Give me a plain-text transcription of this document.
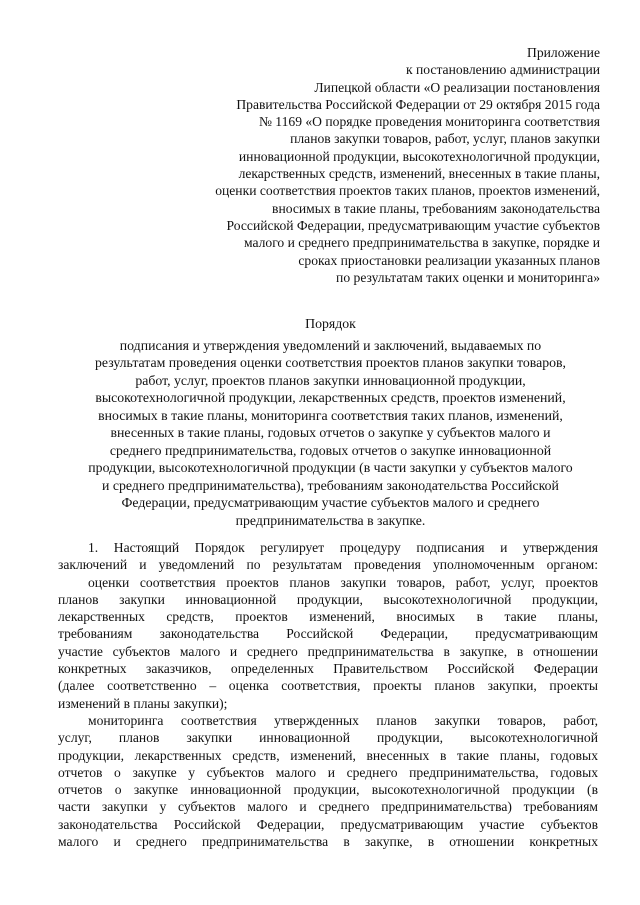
Приложение
к постановлению администрации
Липецкой области «О реализации постановления
Правительства Российской Федерации от 29 октября 2015 года
№ 1169 «О порядке проведения мониторинга соответствия
планов закупки товаров, работ, услуг, планов закупки
инновационной продукции, высокотехнологичной продукции,
лекарственных средств, изменений, внесенных в такие планы,
оценки соответствия проектов таких планов, проектов изменений,
вносимых в такие планы, требованиям законодательства
Российской Федерации, предусматривающим участие субъектов
малого и среднего предпринимательства в закупке, порядке и
сроках приостановки реализации указанных планов
по результатам таких оценки и мониторинга»
Порядок
подписания и утверждения уведомлений и заключений, выдаваемых по
результатам проведения оценки соответствия проектов планов закупки товаров,
работ, услуг, проектов планов закупки инновационной продукции,
высокотехнологичной продукции, лекарственных средств, проектов изменений,
вносимых в такие планы, мониторинга соответствия таких планов, изменений,
внесенных в такие планы, годовых отчетов о закупке у субъектов малого и
среднего предпринимательства, годовых отчетов о закупке инновационной
продукции, высокотехнологичной продукции (в части закупки у субъектов малого
и среднего предпринимательства), требованиям законодательства Российской
Федерации, предусматривающим участие субъектов малого и среднего
предпринимательства в закупке.
1. Настоящий Порядок регулирует процедуру подписания и утверждения
заключений и уведомлений по результатам проведения уполномоченным органом:
оценки соответствия проектов планов закупки товаров, работ, услуг, проектов
планов закупки инновационной продукции, высокотехнологичной продукции,
лекарственных средств, проектов изменений, вносимых в такие планы,
требованиям законодательства Российской Федерации, предусматривающим
участие субъектов малого и среднего предпринимательства в закупке, в отношении
конкретных заказчиков, определенных Правительством Российской Федерации
(далее соответственно – оценка соответствия, проекты планов закупки, проекты
изменений в планы закупки);
мониторинга соответствия утвержденных планов закупки товаров, работ,
услуг, планов закупки инновационной продукции, высокотехнологичной
продукции, лекарственных средств, изменений, внесенных в такие планы, годовых
отчетов о закупке у субъектов малого и среднего предпринимательства, годовых
отчетов о закупке инновационной продукции, высокотехнологичной продукции (в
части закупки у субъектов малого и среднего предпринимательства) требованиям
законодательства Российской Федерации, предусматривающим участие субъектов
малого и среднего предпринимательства в закупке, в отношении конкретных
